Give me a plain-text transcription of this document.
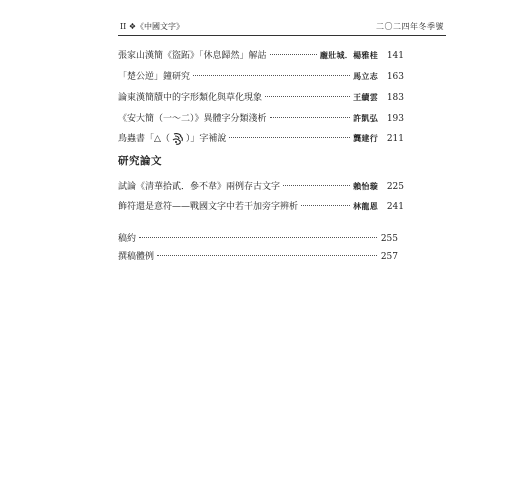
II ❖《中國文字》	二〇二四年冬季號
張家山漢簡《盜跖》「休息歸然」解詁	龐壯城．楊雅桂 141
「楚公逆」鐘研究	馬立志 163
論東漢簡牘中的字形類化與草化現象	王續雲 183
《安大簡（一～二）》異體字分類淺析	許凱弘 193
鳥蟲書「△（ ）」字補說	龔建行 211
研究論文
試論《清華拾貳．參不韋》兩例存古文字	賴怡璇 225
飾符還是意符——戰國文字中若干加旁字辨析	林龍恩 241
稿約	255
撰稿體例	257
